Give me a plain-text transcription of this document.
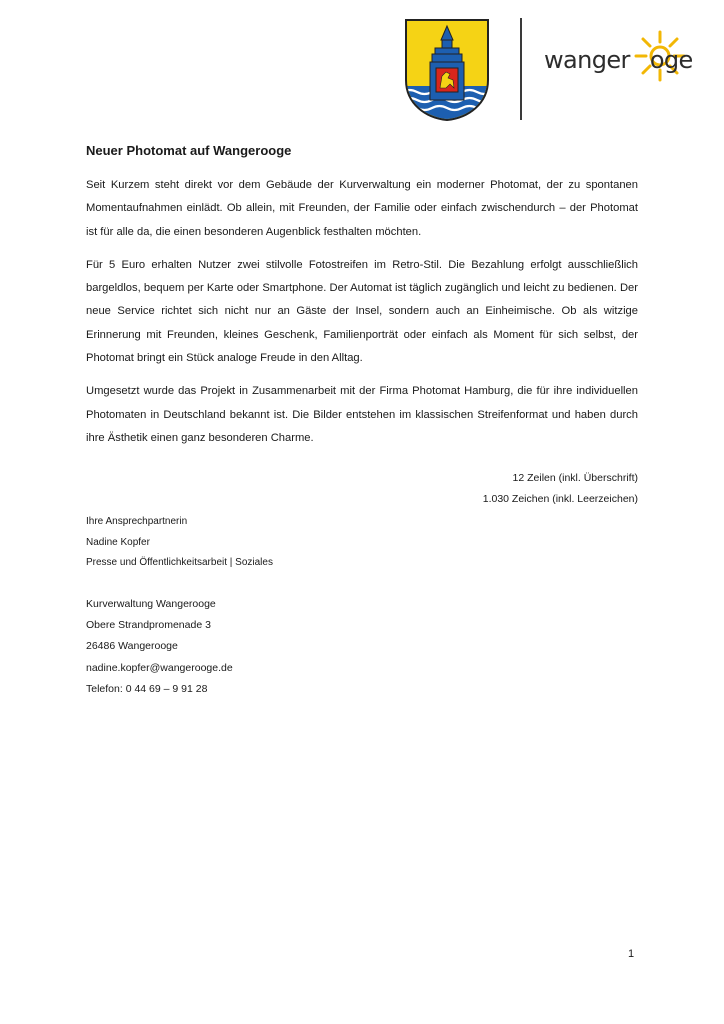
wanger oge
Neuer Photomat auf Wangerooge

Seit Kurzem steht direkt vor dem Gebäude der Kurverwaltung ein moderner Photomat, der zu spontanen Momentaufnahmen einlädt. Ob allein, mit Freunden, der Familie oder einfach zwischendurch – der Photomat ist für alle da, die einen besonderen Augenblick festhalten möchten.

Für 5 Euro erhalten Nutzer zwei stilvolle Fotostreifen im Retro-Stil. Die Bezahlung erfolgt ausschließlich bargeldlos, bequem per Karte oder Smartphone. Der Automat ist täglich zugänglich und leicht zu bedienen. Der neue Service richtet sich nicht nur an Gäste der Insel, sondern auch an Einheimische. Ob als witzige Erinnerung mit Freunden, kleines Geschenk, Familienporträt oder einfach als Moment für sich selbst, der Photomat bringt ein Stück analoge Freude in den Alltag.

Umgesetzt wurde das Projekt in Zusammenarbeit mit der Firma Photomat Hamburg, die für ihre individuellen Photomaten in Deutschland bekannt ist. Die Bilder entstehen im klassischen Streifenformat und haben durch ihre Ästhetik einen ganz besonderen Charme.

12 Zeilen (inkl. Überschrift)
1.030 Zeichen (inkl. Leerzeichen)
Ihre Ansprechpartnerin
Nadine Kopfer
Presse und Öffentlichkeitsarbeit | Soziales
Kurverwaltung Wangerooge
Obere Strandpromenade 3
26486 Wangerooge
nadine.kopfer@wangerooge.de
Telefon: 0 44 69 – 9 91 28
1
